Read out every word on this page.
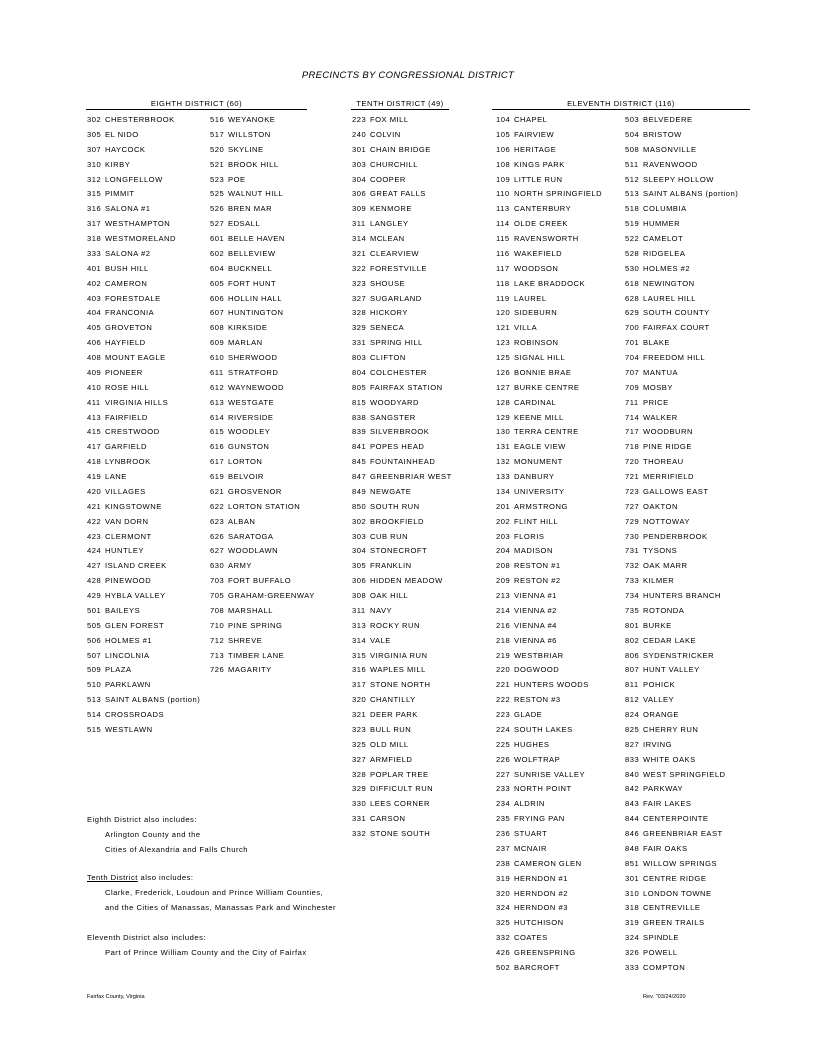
PRECINCTS BY CONGRESSIONAL DISTRICT
EIGHTH DISTRICT (60)	TENTH DISTRICT (49)	ELEVENTH DISTRICT (116)
302 CHESTERBROOK
305 EL NIDO
307 HAYCOCK
310 KIRBY
312 LONGFELLOW
315 PIMMIT
316 SALONA #1
317 WESTHAMPTON
318 WESTMORELAND
333 SALONA #2
401 BUSH HILL
402 CAMERON
403 FORESTDALE
404 FRANCONIA
405 GROVETON
406 HAYFIELD
408 MOUNT EAGLE
409 PIONEER
410 ROSE HILL
411 VIRGINIA HILLS
413 FAIRFIELD
415 CRESTWOOD
417 GARFIELD
418 LYNBROOK
419 LANE
420 VILLAGES
421 KINGSTOWNE
422 VAN DORN
423 CLERMONT
424 HUNTLEY
427 ISLAND CREEK
428 PINEWOOD
429 HYBLA VALLEY
501 BAILEYS
505 GLEN FOREST
506 HOLMES #1
507 LINCOLNIA
509 PLAZA
510 PARKLAWN
513 SAINT ALBANS (portion)
514 CROSSROADS
515 WESTLAWN
516 WEYANOKE
517 WILLSTON
520 SKYLINE
521 BROOK HILL
523 POE
525 WALNUT HILL
526 BREN MAR
527 EDSALL
601 BELLE HAVEN
602 BELLEVIEW
604 BUCKNELL
605 FORT HUNT
606 HOLLIN HALL
607 HUNTINGTON
608 KIRKSIDE
609 MARLAN
610 SHERWOOD
611 STRATFORD
612 WAYNEWOOD
613 WESTGATE
614 RIVERSIDE
615 WOODLEY
616 GUNSTON
617 LORTON
619 BELVOIR
621 GROSVENOR
622 LORTON STATION
623 ALBAN
626 SARATOGA
627 WOODLAWN
630 ARMY
703 FORT BUFFALO
705 GRAHAM-GREENWAY
708 MARSHALL
710 PINE SPRING
712 SHREVE
713 TIMBER LANE
726 MAGARITY
223 FOX MILL
240 COLVIN
301 CHAIN BRIDGE
303 CHURCHILL
304 COOPER
306 GREAT FALLS
309 KENMORE
311 LANGLEY
314 MCLEAN
321 CLEARVIEW
322 FORESTVILLE
323 SHOUSE
327 SUGARLAND
328 HICKORY
329 SENECA
331 SPRING HILL
803 CLIFTON
804 COLCHESTER
805 FAIRFAX STATION
815 WOODYARD
838 SANGSTER
839 SILVERBROOK
841 POPES HEAD
845 FOUNTAINHEAD
847 GREENBRIAR WEST
849 NEWGATE
850 SOUTH RUN
302 BROOKFIELD
303 CUB RUN
304 STONECROFT
305 FRANKLIN
306 HIDDEN MEADOW
308 OAK HILL
311 NAVY
313 ROCKY RUN
314 VALE
315 VIRGINIA RUN
316 WAPLES MILL
317 STONE NORTH
320 CHANTILLY
321 DEER PARK
323 BULL RUN
325 OLD MILL
327 ARMFIELD
328 POPLAR TREE
329 DIFFICULT RUN
330 LEES CORNER
331 CARSON
332 STONE SOUTH
104 CHAPEL
105 FAIRVIEW
106 HERITAGE
108 KINGS PARK
109 LITTLE RUN
110 NORTH SPRINGFIELD
113 CANTERBURY
114 OLDE CREEK
115 RAVENSWORTH
116 WAKEFIELD
117 WOODSON
118 LAKE BRADDOCK
119 LAUREL
120 SIDEBURN
121 VILLA
123 ROBINSON
125 SIGNAL HILL
126 BONNIE BRAE
127 BURKE CENTRE
128 CARDINAL
129 KEENE MILL
130 TERRA CENTRE
131 EAGLE VIEW
132 MONUMENT
133 DANBURY
134 UNIVERSITY
201 ARMSTRONG
202 FLINT HILL
203 FLORIS
204 MADISON
208 RESTON #1
209 RESTON #2
213 VIENNA #1
214 VIENNA #2
216 VIENNA #4
218 VIENNA #6
219 WESTBRIAR
220 DOGWOOD
221 HUNTERS WOODS
222 RESTON #3
223 GLADE
224 SOUTH LAKES
225 HUGHES
226 WOLFTRAP
227 SUNRISE VALLEY
233 NORTH POINT
234 ALDRIN
235 FRYING PAN
236 STUART
237 MCNAIR
238 CAMERON GLEN
319 HERNDON #1
320 HERNDON #2
324 HERNDON #3
325 HUTCHISON
332 COATES
426 GREENSPRING
502 BARCROFT
503 BELVEDERE
504 BRISTOW
508 MASONVILLE
511 RAVENWOOD
512 SLEEPY HOLLOW
513 SAINT ALBANS (portion)
518 COLUMBIA
519 HUMMER
522 CAMELOT
528 RIDGELEA
530 HOLMES #2
618 NEWINGTON
628 LAUREL HILL
629 SOUTH COUNTY
700 FAIRFAX COURT
701 BLAKE
704 FREEDOM HILL
707 MANTUA
709 MOSBY
711 PRICE
714 WALKER
717 WOODBURN
718 PINE RIDGE
720 THOREAU
721 MERRIFIELD
723 GALLOWS EAST
727 OAKTON
729 NOTTOWAY
730 PENDERBROOK
731 TYSONS
732 OAK MARR
733 KILMER
734 HUNTERS BRANCH
735 ROTONDA
801 BURKE
802 CEDAR LAKE
806 SYDENSTRICKER
807 HUNT VALLEY
811 POHICK
812 VALLEY
824 ORANGE
825 CHERRY RUN
827 IRVING
833 WHITE OAKS
840 WEST SPRINGFIELD
842 PARKWAY
843 FAIR LAKES
844 CENTERPOINTE
846 GREENBRIAR EAST
848 FAIR OAKS
851 WILLOW SPRINGS
301 CENTRE RIDGE
310 LONDON TOWNE
318 CENTREVILLE
319 GREEN TRAILS
324 SPINDLE
326 POWELL
333 COMPTON
Eighth District also includes:
Arlington County and the
Cities of Alexandria and Falls Church
Tenth District also includes:
Clarke, Frederick, Loudoun and Prince William Counties,
and the Cities of Manassas, Manassas Park and Winchester
Eleventh District also includes:
Part of Prince William County and the City of Fairfax
Fairfax County, Virginia	Rev. "03/24/2020
